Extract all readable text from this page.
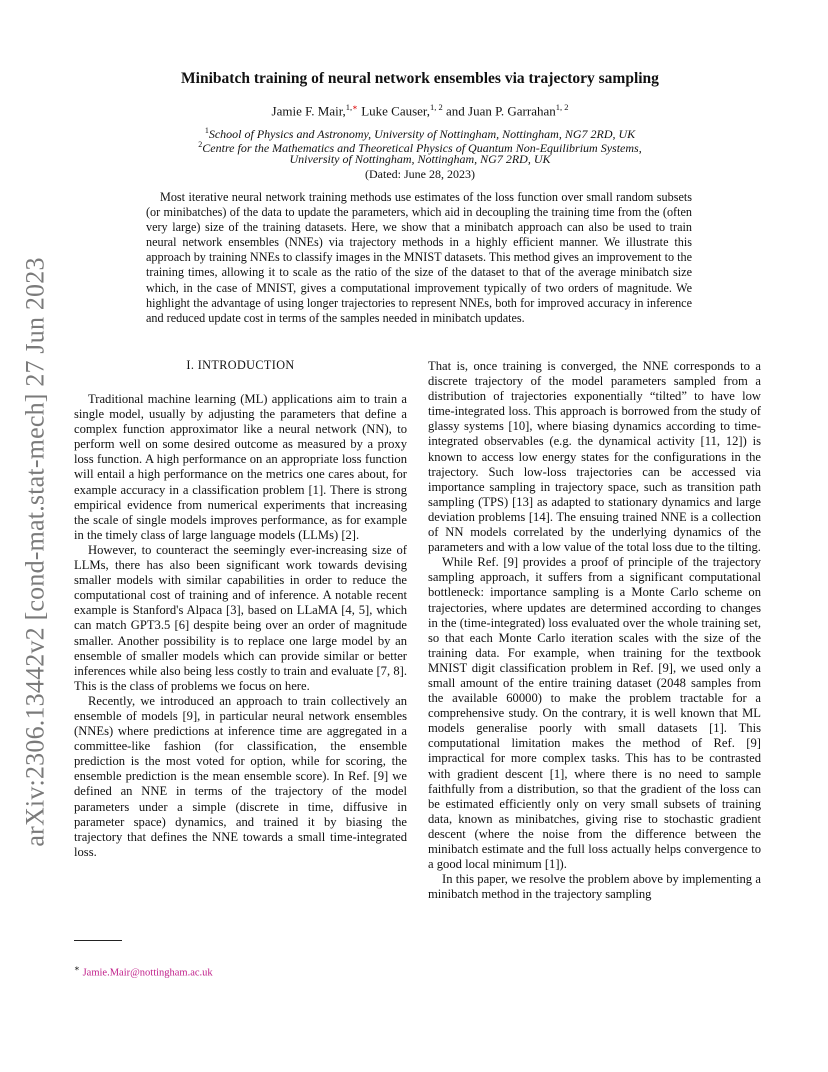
arXiv:2306.13442v2 [cond-mat.stat-mech] 27 Jun 2023
Minibatch training of neural network ensembles via trajectory sampling
Jamie F. Mair,$^{1,∗}$ Luke Causer,$^{1, 2}$ and Juan P. Garrahan$^{1, 2}$
$^1$School of Physics and Astronomy, University of Nottingham, Nottingham, NG7 2RD, UK
$^2$Centre for the Mathematics and Theoretical Physics of Quantum Non-Equilibrium Systems,
University of Nottingham, Nottingham, NG7 2RD, UK
(Dated: June 28, 2023)
Most iterative neural network training methods use estimates of the loss function over small random subsets (or minibatches) of the data to update the parameters, which aid in decoupling the training time from the (often very large) size of the training datasets. Here, we show that a minibatch approach can also be used to train neural network ensembles (NNEs) via trajectory methods in a highly efficient manner. We illustrate this approach by training NNEs to classify images in the MNIST datasets. This method gives an improvement to the training times, allowing it to scale as the ratio of the size of the dataset to that of the average minibatch size which, in the case of MNIST, gives a computational improvement typically of two orders of magnitude. We highlight the advantage of using longer trajectories to represent NNEs, both for improved accuracy in inference and reduced update cost in terms of the samples needed in minibatch updates.
I. INTRODUCTION

Traditional machine learning (ML) applications aim to train a single model, usually by adjusting the parameters that define a complex function approximator like a neural network (NN), to perform well on some desired outcome as measured by a proxy loss function. A high performance on an appropriate loss function will entail a high performance on the metrics one cares about, for example accuracy in a classification problem [1]. There is strong empirical evidence from numerical experiments that increasing the scale of single models improves performance, as for example in the timely class of large language models (LLMs) [2].

However, to counteract the seemingly ever-increasing size of LLMs, there has also been significant work towards devising smaller models with similar capabilities in order to reduce the computational cost of training and of inference. A notable recent example is Stanford's Alpaca [3], based on LLaMA [4, 5], which can match GPT3.5 [6] despite being over an order of magnitude smaller. Another possibility is to replace one large model by an ensemble of smaller models which can provide similar or better inferences while also being less costly to train and evaluate [7, 8]. This is the class of problems we focus on here.

Recently, we introduced an approach to train collectively an ensemble of models [9], in particular neural network ensembles (NNEs) where predictions at inference time are aggregated in a committee-like fashion (for classification, the ensemble prediction is the most voted for option, while for scoring, the ensemble prediction is the mean ensemble score). In Ref. [9] we defined an NNE in terms of the trajectory of the model parameters under a simple (discrete in time, diffusive in parameter space) dynamics, and trained it by biasing the trajectory that defines the NNE towards a small time-integrated loss.

That is, once training is converged, the NNE corresponds to a discrete trajectory of the model parameters sampled from a distribution of trajectories exponentially “tilted” to have low time-integrated loss. This approach is borrowed from the study of glassy systems [10], where biasing dynamics according to time-integrated observables (e.g. the dynamical activity [11, 12]) is known to access low energy states for the configurations in the trajectory. Such low-loss trajectories can be accessed via importance sampling in trajectory space, such as transition path sampling (TPS) [13] as adapted to stationary dynamics and large deviation problems [14]. The ensuing trained NNE is a collection of NN models correlated by the underlying dynamics of the parameters and with a low value of the total loss due to the tilting.

While Ref. [9] provides a proof of principle of the trajectory sampling approach, it suffers from a significant computational bottleneck: importance sampling is a Monte Carlo scheme on trajectories, where updates are determined according to changes in the (time-integrated) loss evaluated over the whole training set, so that each Monte Carlo iteration scales with the size of the training data. For example, when training for the textbook MNIST digit classification problem in Ref. [9], we used only a small amount of the entire training dataset (2048 samples from the available 60000) to make the problem tractable for a comprehensive study. On the contrary, it is well known that ML models generalise poorly with small datasets [1]. This computational limitation makes the method of Ref. [9] impractical for more complex tasks. This has to be contrasted with gradient descent [1], where there is no need to sample faithfully from a distribution, so that the gradient of the loss can be estimated efficiently only on very small subsets of training data, known as minibatches, giving rise to stochastic gradient descent (where the noise from the difference between the minibatch estimate and the full loss actually helps convergence to a good local minimum [1]).

In this paper, we resolve the problem above by implementing a minibatch method in the trajectory sampling

∗ Jamie.Mair@nottingham.ac.uk
